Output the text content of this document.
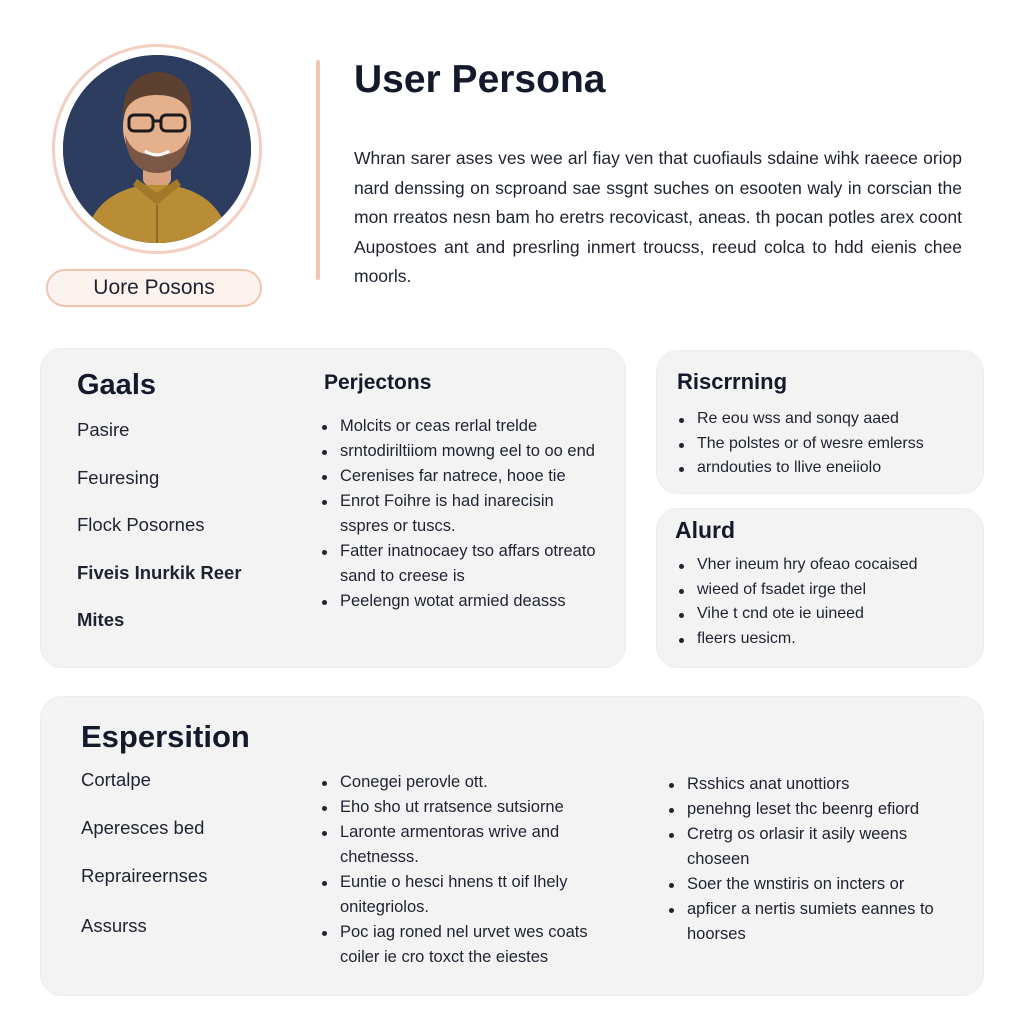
Uore Posons
User Persona

Whran sarer ases ves wee arl fiay ven that cuofiauls sdaine wihk raeece oriop nard denssing on scproand sae ssgnt suches on esooten waly in corscian the mon rreatos nesn bam ho eretrs recovicast, aneas. th pocan potles arex coont Aupostoes ant and presrling inmert troucss, reeud colca to hdd eienis chee moorls.

Gaals
Pasire
Feuresing
Flock Posornes
Fiveis Inurkik Reer
Mites
Perjectons
Molcits or ceas rerlal trelde
srntodiriltiiom mowng eel to oo end
Cerenises far natrece, hooe tie
Enrot Foihre is had inarecisin sspres or tuscs.
Fatter inatnocaey tso affars otreato sand to creese is
Peelengn wotat armied deasss
Riscrrning
Re eou wss and sonqy aaed
The polstes or of wesre emlerss
arndouties to llive eneiiolo
Alurd
Vher ineum hry ofeao cocaised
wieed of fsadet irge thel
Vihe t cnd ote ie uineed
fleers uesicm.
Espersition
Cortalpe
Aperesces bed
Repraireernses
Assurss
Conegei perovle ott.
Eho sho ut rratsence sutsiorne
Laronte armentoras wrive and chetnesss.
Euntie o hesci hnens tt oif lhely onitegriolos.
Poc iag roned nel urvet wes coats coiler ie cro toxct the eiestes
Rsshics anat unottiors
penehng leset thc beenrg efiord
Cretrg os orlasir it asily weens choseen
Soer the wnstiris on incters or
apficer a nertis sumiets eannes to hoorses
